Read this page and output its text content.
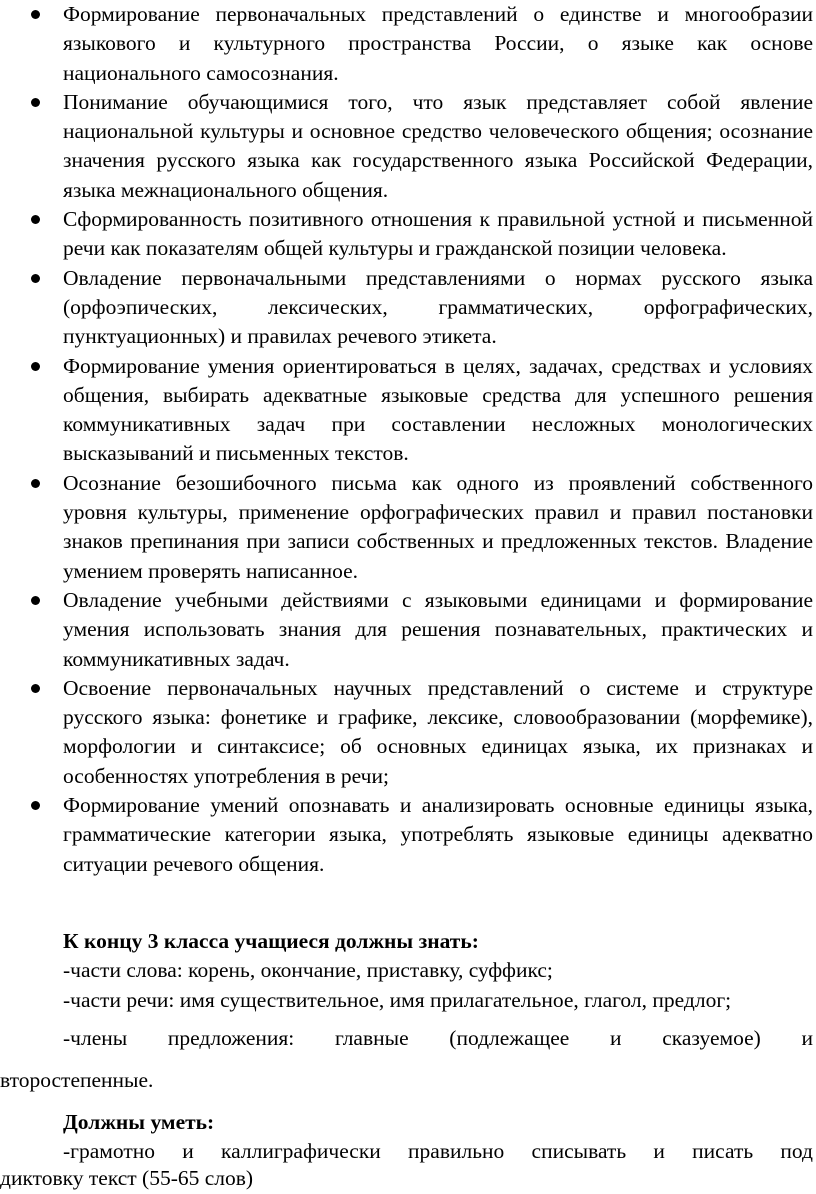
Формирование первоначальных представлений о единстве и многообразии языкового и культурного пространства России, о языке как основе национального самосознания.
Понимание обучающимися того, что язык представляет собой явление национальной культуры и основное средство человеческого общения; осознание значения русского языка как государственного языка Российской Федерации, языка межнационального общения.
Сформированность позитивного отношения к правильной устной и письменной речи как показателям общей культуры и гражданской позиции человека.
Овладение первоначальными представлениями о нормах русского языка (орфоэпических, лексических, грамматических, орфографических, пунктуационных) и правилах речевого этикета.
Формирование умения ориентироваться в целях, задачах, средствах и условиях общения, выбирать адекватные языковые средства для успешного решения коммуникативных задач при составлении несложных монологических высказываний и письменных текстов.
Осознание безошибочного письма как одного из проявлений собственного уровня культуры, применение орфографических правил и правил постановки знаков препинания при записи собственных и предложенных текстов. Владение умением проверять написанное.
Овладение учебными действиями с языковыми единицами и формирование умения использовать знания для решения познавательных, практических и коммуникативных задач.
Освоение первоначальных научных представлений о системе и структуре русского языка: фонетике и графике, лексике, словообразовании (морфемике), морфологии и синтаксисе; об основных единицах языка, их признаках и особенностях употребления в речи;
Формирование умений опознавать и анализировать основные единицы языка, грамматические категории языка, употреблять языковые единицы адекватно ситуации речевого общения.
К концу 3 класса учащиеся должны знать:
-части слова: корень, окончание, приставку, суффикс;
-части речи: имя существительное, имя прилагательное, глагол, предлог;
-члены предложения: главные (подлежащее и сказуемое) и
второстепенные.
Должны уметь:
-грамотно и каллиграфически правильно списывать и писать под
диктовку текст (55-65 слов)
